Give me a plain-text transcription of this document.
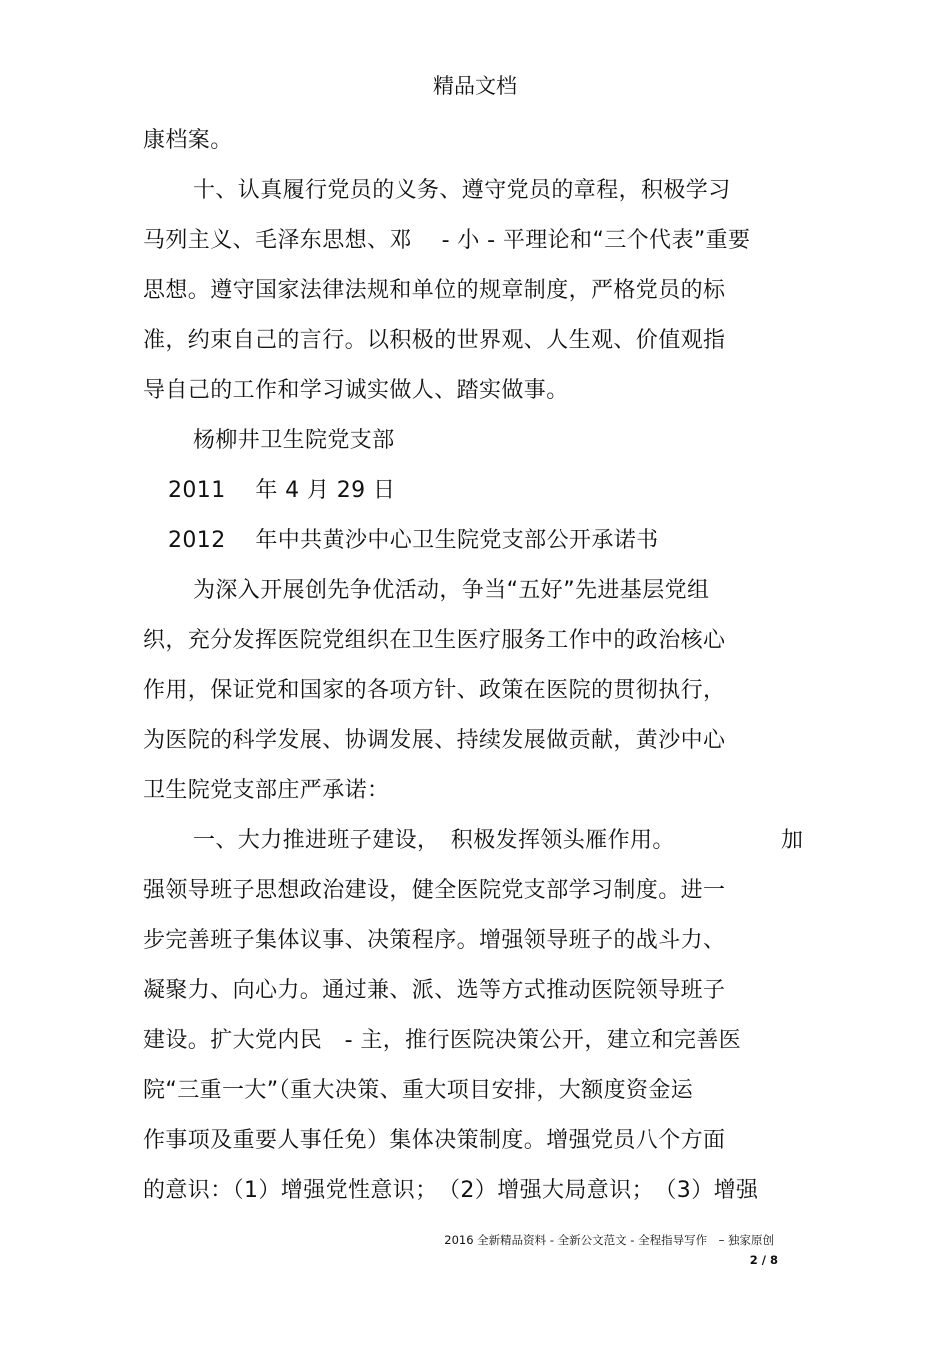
精品文档
康档案。
十、认真履行党员的义务、遵守党员的章程，积极学习
马列主义、毛泽东思想、邓　 - 小 - 平理论和“三个代表”重要
思想。遵守国家法律法规和单位的规章制度，严格党员的标
准，约束自己的言行。以积极的世界观、人生观、价值观指
导自己的工作和学习诚实做人、踏实做事。
杨柳井卫生院党支部
2011　 年 4 月 29 日
2012　 年中共黄沙中心卫生院党支部公开承诺书
为深入开展创先争优活动，争当“五好”先进基层党组
织，充分发挥医院党组织在卫生医疗服务工作中的政治核心
作用，保证党和国家的各项方针、政策在医院的贯彻执行，
为医院的科学发展、协调发展、持续发展做贡献，黄沙中心
卫生院党支部庄严承诺：
一、大力推进班子建设，　积极发挥领头雁作用。	加
强领导班子思想政治建设，健全医院党支部学习制度。进一
步完善班子集体议事、决策程序。增强领导班子的战斗力、
凝聚力、向心力。通过兼、派、选等方式推动医院领导班子
建设。扩大党内民　- 主，推行医院决策公开，建立和完善医
院“三重一大”（重大决策、重大项目安排，大额度资金运
作事项及重要人事任免）集体决策制度。增强党员八个方面
的意识：（1）增强党性意识；　（2）增强大局意识；　（3）增强
2016 全新精品资料 - 全新公文范文 - 全程指导写作　– 独家原创
2 / 8
